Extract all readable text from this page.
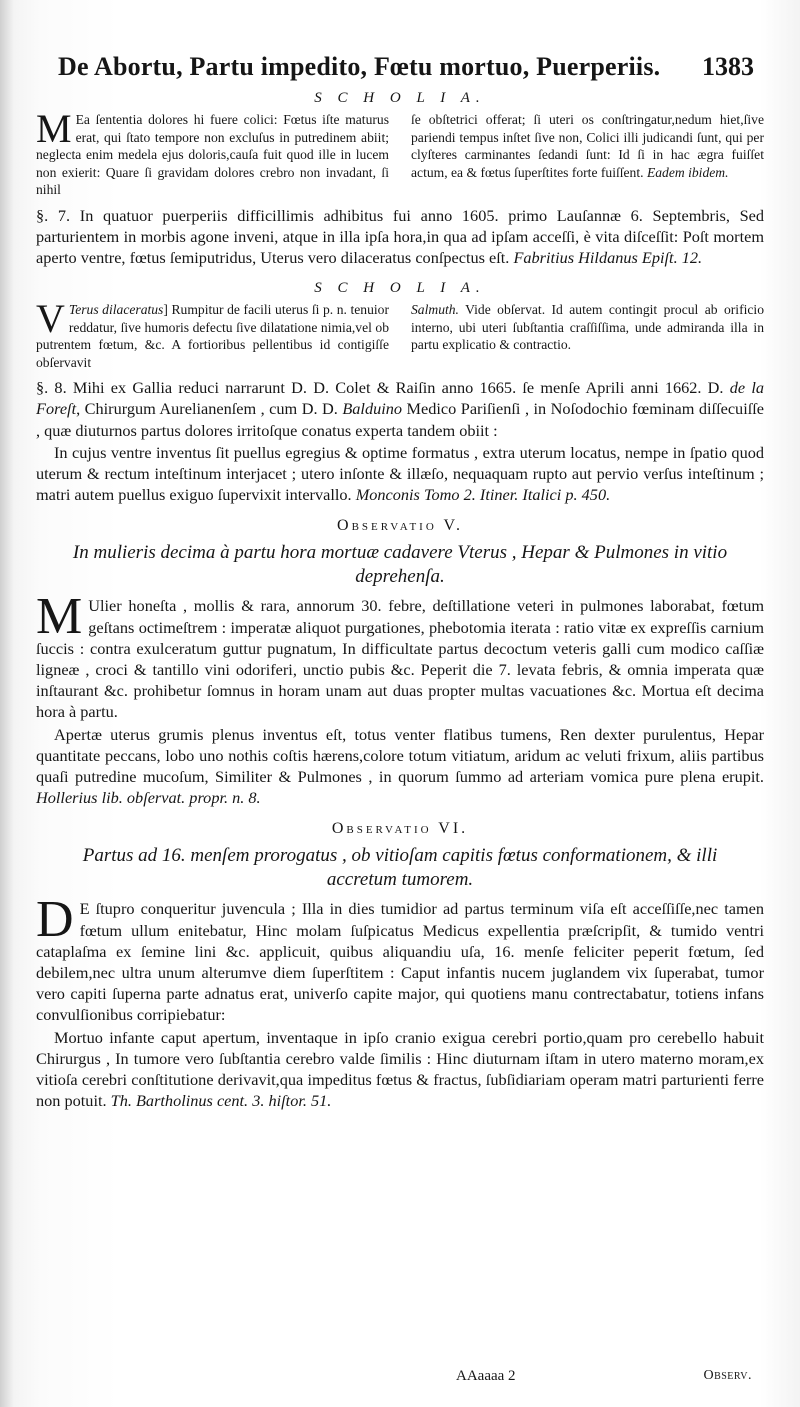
De Abortu, Partu impedito, Fœtu mortuo, Puerperiis. 1383
S C H O L I A.
M Ea ſententia dolores hi fuere colici: Fœtus iſte maturus erat, qui ſtato tempore non excluſus in putredinem abiit; neglecta enim medela ejus doloris,cauſa fuit quod ille in lucem non exierit: Quare ſi gravidam dolores crebro non invadant, ſi nihil
ſe obſtetrici offerat; ſi uteri os conſtringatur,nedum hiet,ſive pariendi tempus inſtet ſive non, Colici illi judicandi ſunt, qui per clyſteres carminantes ſedandi ſunt: Id ſi in hac ægra fuiſſet actum, ea & fœtus ſuperſtites forte fuiſſent. Eadem ibidem.

§. 7. In quatuor puerperiis difficillimis adhibitus fui anno 1605. primo Lauſannæ 6. Septembris, Sed parturientem in morbis agone inveni, atque in illa ipſa hora,in qua ad ipſam acceſſi, è vita diſceſſit: Poſt mortem aperto ventre, fœtus ſemiputridus, Uterus vero dilaceratus conſpectus eſt. Fabritius Hildanus Epiſt. 12.

S C H O L I A.
V Terus dilaceratus] Rumpitur de facili uterus ſi p. n. tenuior reddatur, ſive humoris defectu ſive dilatatione nimia,vel ob putrentem fœtum, &c. A fortioribus pellentibus id contigiſſe obſervavit
Salmuth. Vide obſervat. Id autem contingit procul ab orificio interno, ubi uteri ſubſtantia craſſiſſima, unde admiranda illa in partu explicatio & contractio.

§. 8. Mihi ex Gallia reduci narrarunt D. D. Colet & Raiſin anno 1665. ſe menſe Aprili anni 1662. D. de la Foreſt, Chirurgum Aurelianenſem , cum D. D. Balduino Medico Pariſienſi , in Noſodochio fœminam diſſecuiſſe , quæ diuturnos partus dolores irritoſque conatus experta tandem obiit :

In cujus ventre inventus ſit puellus egregius & optime formatus , extra uterum locatus, nempe in ſpatio quod uterum & rectum inteſtinum interjacet ; utero inſonte & illæſo, nequaquam rupto aut pervio verſus inteſtinum ; matri autem puellus exiguo ſupervixit intervallo. Monconis Tomo 2. Itiner. Italici p. 450.

Observatio V.
In mulieris decima à partu hora mortuæ cadavere Vterus , Hepar & Pulmones in vitio deprehenſa.

M Ulier honeſta , mollis & rara, annorum 30. febre, deſtillatione veteri in pulmones laborabat, fœtum geſtans octimeſtrem : imperatæ aliquot purgationes, phebotomia iterata : ratio vitæ ex expreſſis carnium ſuccis : contra exulceratum guttur pugnatum, In difficultate partus decoctum veteris galli cum modico caſſiæ ligneæ , croci & tantillo vini odoriferi, unctio pubis &c. Peperit die 7. levata febris, & omnia imperata quæ inſtaurant &c. prohibetur ſomnus in horam unam aut duas propter multas vacuationes &c. Mortua eſt decima hora à partu.

Apertæ uterus grumis plenus inventus eſt, totus venter flatibus tumens, Ren dexter purulentus, Hepar quantitate peccans, lobo uno nothis coſtis hærens,colore totum vitiatum, aridum ac veluti frixum, aliis partibus quaſi putredine mucoſum, Similiter & Pulmones , in quorum ſummo ad arteriam vomica pure plena erupit. Hollerius lib. obſervat. propr. n. 8.

Observatio VI.
Partus ad 16. menſem prorogatus , ob vitioſam capitis fœtus conformationem, & illi accretum tumorem.

D E ſtupro conqueritur juvencula ; Illa in dies tumidior ad partus terminum viſa eſt acceſſiſſe,nec tamen fœtum ullum enitebatur, Hinc molam ſuſpicatus Medicus expellentia præſcripſit, & tumido ventri cataplaſma ex ſemine lini &c. applicuit, quibus aliquandiu uſa, 16. menſe feliciter peperit fœtum, ſed debilem,nec ultra unum alterumve diem ſuperſtitem : Caput infantis nucem juglandem vix ſuperabat, tumor vero capiti ſuperna parte adnatus erat, univerſo capite major, qui quotiens manu contrectabatur, totiens infans convulſionibus corripiebatur:

Mortuo infante caput apertum, inventaque in ipſo cranio exigua cerebri portio,quam pro cerebello habuit Chirurgus , In tumore vero ſubſtantia cerebro valde ſimilis : Hinc diuturnam iſtam in utero materno moram,ex vitioſa cerebri conſtitutione derivavit,qua impeditus fœtus & fractus, ſubſidiariam operam matri parturienti ferre non potuit. Th. Bartholinus cent. 3. hiſtor. 51.

AAaaaa 2	Observ.
